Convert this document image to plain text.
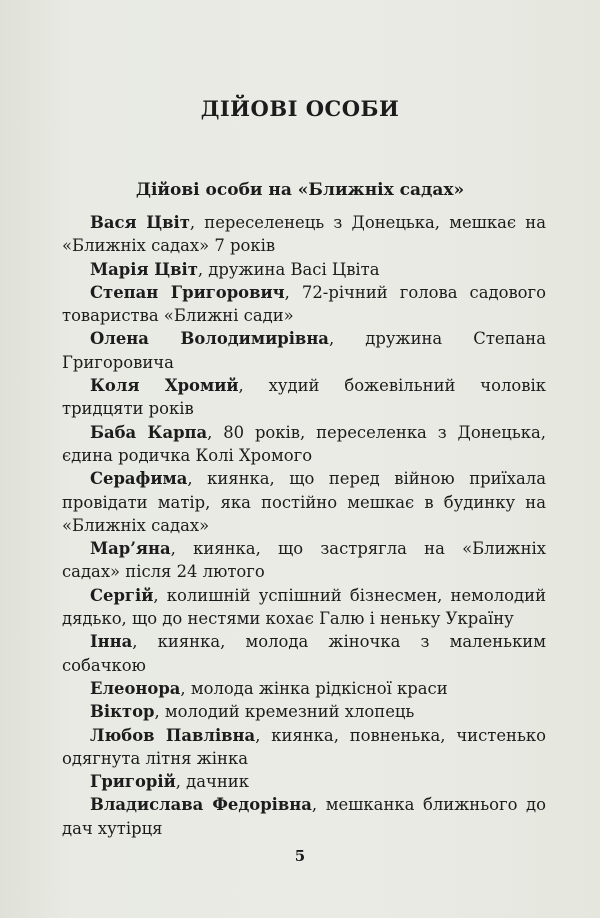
ДІЙОВІ ОСОБИ
Дійові особи на «Ближніх садах»

Вася Цвіт, переселенець з Донецька, мешкає на «Ближніх садах» 7 років

Марія Цвіт, дружина Васі Цвіта

Степан Григорович, 72-річний голова садового товариства «Ближні сади»

Олена Володимирівна, дружина Степана Григоровича

Коля Хромий, худий божевільний чоловік тридцяти років

Баба Карпа, 80 років, переселенка з Донецька, єдина родичка Колі Хромого

Серафима, киянка, що перед війною приїхала провідати матір, яка постійно мешкає в будинку на «Ближніх садах»

Мар’яна, киянка, що застрягла на «Ближніх садах» після 24 лютого

Сергій, колишній успішний бізнесмен, немолодий дядько, що до нестями кохає Галю і неньку Україну

Інна, киянка, молода жіночка з маленьким собачкою

Елеонора, молода жінка рідкісної краси

Віктор, молодий кремезний хлопець

Любов Павлівна, киянка, повненька, чистенько одягнута літня жінка

Григорій, дачник

Владислава Федорівна, мешканка ближнього до дач хутірця

5
